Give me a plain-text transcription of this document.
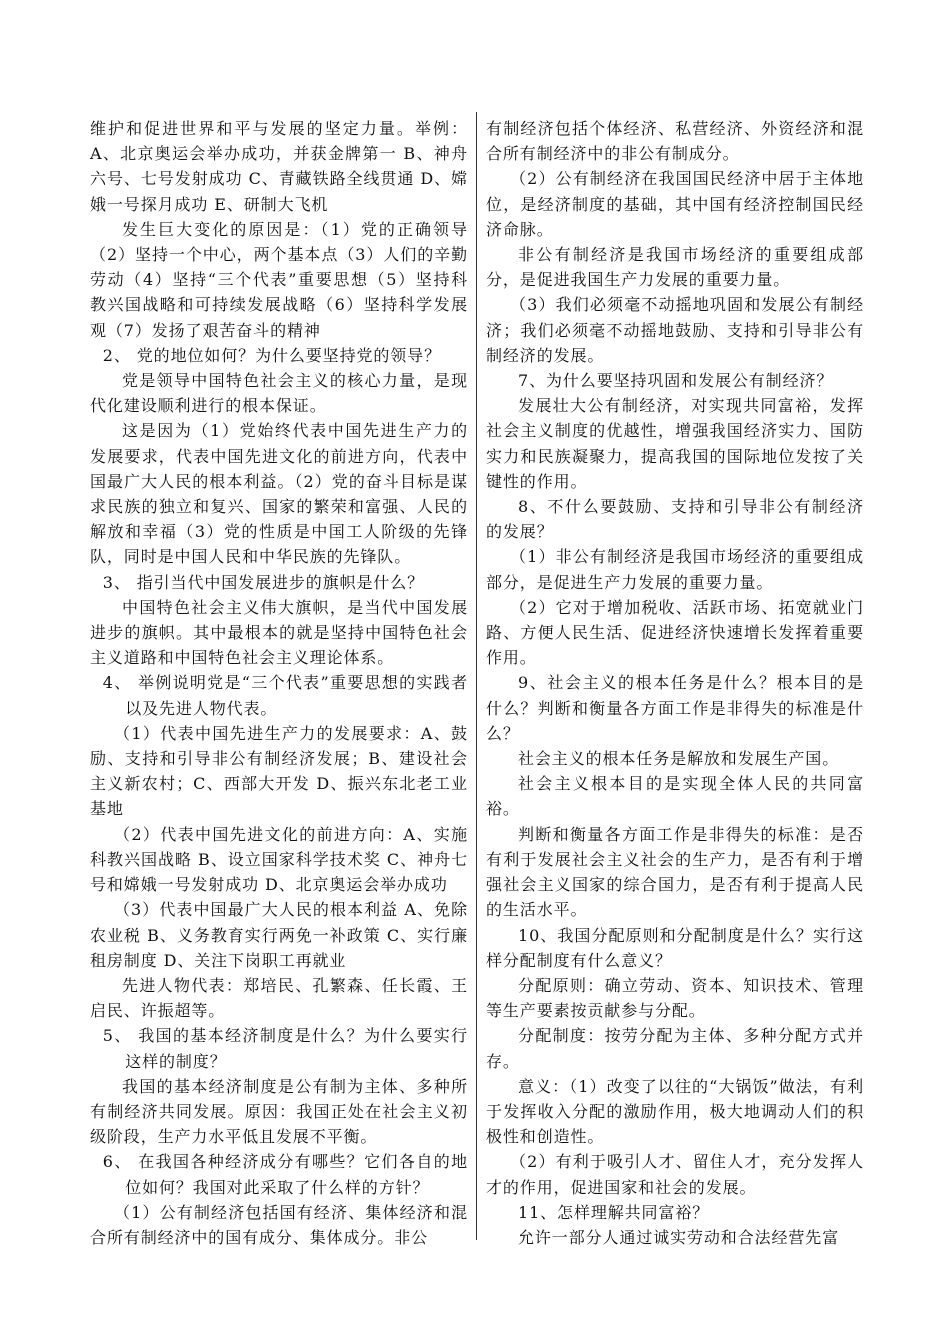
维护和促进世界和平与发展的坚定力量。举例：A、北京奥运会举办成功，并获金牌第一 B、神舟六号、七号发射成功 C、青藏铁路全线贯通 D、嫦娥一号探月成功 E、研制大飞机

发生巨大变化的原因是：（1）党的正确领导（2）坚持一个中心，两个基本点（3）人们的辛勤劳动（4）坚持“三个代表”重要思想（5）坚持科教兴国战略和可持续发展战略（6）坚持科学发展观（7）发扬了艰苦奋斗的精神

2、 党的地位如何？为什么要坚持党的领导？

党是领导中国特色社会主义的核心力量，是现代化建设顺利进行的根本保证。

这是因为（1）党始终代表中国先进生产力的发展要求，代表中国先进文化的前进方向，代表中国最广大人民的根本利益。（2）党的奋斗目标是谋求民族的独立和复兴、国家的繁荣和富强、人民的解放和幸福（3）党的性质是中国工人阶级的先锋队，同时是中国人民和中华民族的先锋队。

3、 指引当代中国发展进步的旗帜是什么？

中国特色社会主义伟大旗帜，是当代中国发展进步的旗帜。其中最根本的就是坚持中国特色社会主义道路和中国特色社会主义理论体系。

4、 举例说明党是“三个代表”重要思想的实践者以及先进人物代表。

（1）代表中国先进生产力的发展要求：A、鼓励、支持和引导非公有制经济发展；B、建设社会主义新农村；C、西部大开发 D、振兴东北老工业基地

（2）代表中国先进文化的前进方向：A、实施科教兴国战略 B、设立国家科学技术奖 C、神舟七号和嫦娥一号发射成功 D、北京奥运会举办成功

（3）代表中国最广大人民的根本利益 A、免除农业税 B、义务教育实行两免一补政策 C、实行廉租房制度 D、关注下岗职工再就业

先进人物代表：郑培民、孔繁森、任长霞、王启民、许振超等。

5、 我国的基本经济制度是什么？为什么要实行这样的制度？

我国的基本经济制度是公有制为主体、多种所有制经济共同发展。原因：我国正处在社会主义初级阶段，生产力水平低且发展不平衡。

6、 在我国各种经济成分有哪些？它们各自的地位如何？我国对此采取了什么样的方针？

（1）公有制经济包括国有经济、集体经济和混合所有制经济中的国有成分、集体成分。非公

有制经济包括个体经济、私营经济、外资经济和混合所有制经济中的非公有制成分。

（2）公有制经济在我国国民经济中居于主体地位，是经济制度的基础，其中国有经济控制国民经济命脉。

非公有制经济是我国市场经济的重要组成部分，是促进我国生产力发展的重要力量。

（3）我们必须毫不动摇地巩固和发展公有制经济；我们必须毫不动摇地鼓励、支持和引导非公有制经济的发展。

7、为什么要坚持巩固和发展公有制经济？

发展壮大公有制经济，对实现共同富裕，发挥社会主义制度的优越性，增强我国经济实力、国防实力和民族凝聚力，提高我国的国际地位发按了关键性的作用。

8、不什么要鼓励、支持和引导非公有制经济的发展？

（1）非公有制经济是我国市场经济的重要组成部分，是促进生产力发展的重要力量。

（2）它对于增加税收、活跃市场、拓宽就业门路、方便人民生活、促进经济快速增长发挥着重要作用。

9、社会主义的根本任务是什么？根本目的是什么？判断和衡量各方面工作是非得失的标准是什么？

社会主义的根本任务是解放和发展生产国。

社会主义根本目的是实现全体人民的共同富裕。

判断和衡量各方面工作是非得失的标准：是否有利于发展社会主义社会的生产力，是否有利于增强社会主义国家的综合国力，是否有利于提高人民的生活水平。

10、我国分配原则和分配制度是什么？实行这样分配制度有什么意义？

分配原则：确立劳动、资本、知识技术、管理等生产要素按贡献参与分配。

分配制度：按劳分配为主体、多种分配方式并存。

意义：（1）改变了以往的“大锅饭”做法，有利于发挥收入分配的激励作用，极大地调动人们的积极性和创造性。

（2）有利于吸引人才、留住人才，充分发挥人才的作用，促进国家和社会的发展。

11、怎样理解共同富裕？

允许一部分人通过诚实劳动和合法经营先富
